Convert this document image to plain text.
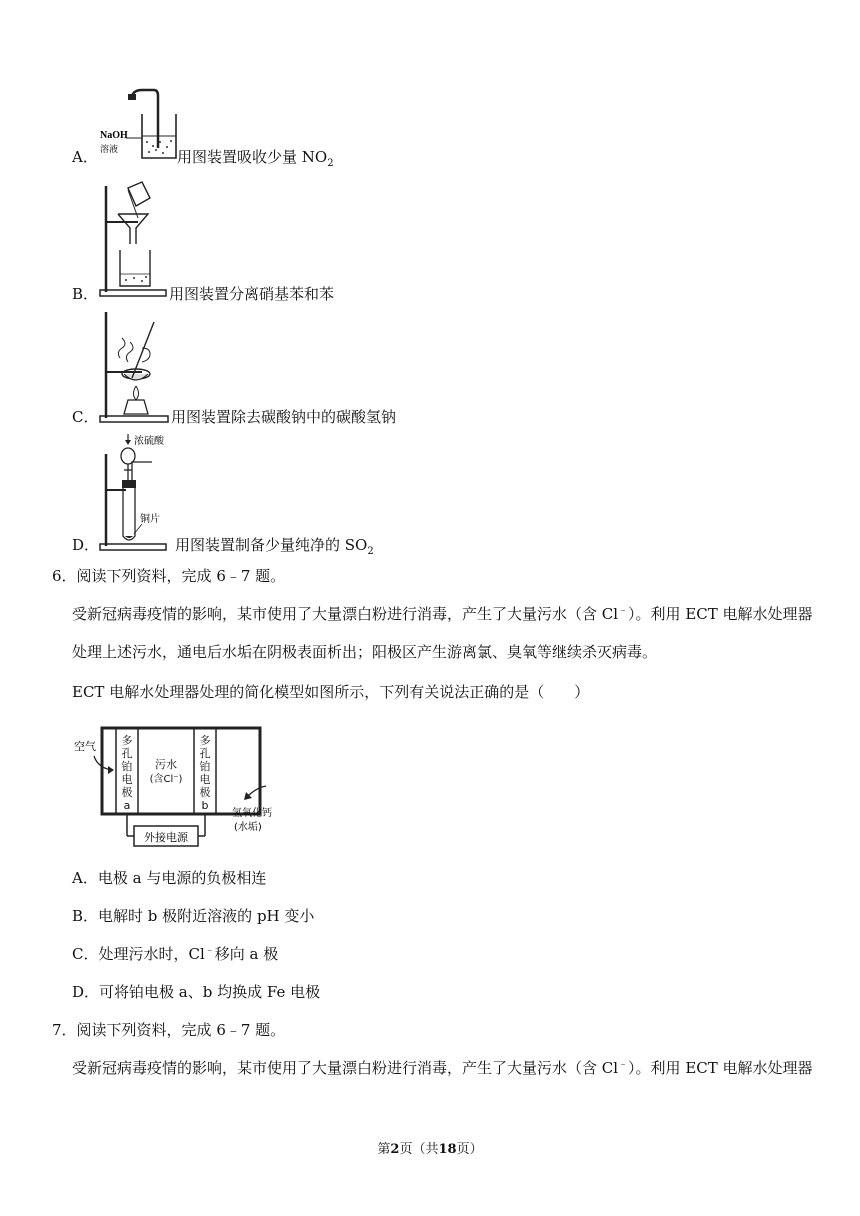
A．
NaOH
溶液	用图装置吸收少量 $NO_2$
B．	用图装置分离硝基苯和苯
C．	用图装置除去碳酸钠中的碳酸氢钠
D．
浓硫酸
铜片
用图装置制备少量纯净的 $SO_2$
6．阅读下列资料，完成 6﹣7 题。
受新冠病毒疫情的影响，某市使用了大量漂白粉进行消毒，产生了大量污水（含 Cl﹣）。利用 ECT 电解水处理器
处理上述污水，通电后水垢在阴极表面析出；阳极区产生游离氯、臭氧等继续杀灭病毒。
ECT 电解水处理器处理的简化模型如图所示，下列有关说法正确的是（　　）
多
孔
铂
电
极
a
多
孔
铂
电
极
b
污水
(含Cl⁻)
空气
氢氧化钙
(水垢)
外接电源
A．电极 a 与电源的负极相连
B．电解时 b 极附近溶液的 pH 变小
C．处理污水时，Cl﹣移向 a 极
D．可将铂电极 a、b 均换成 Fe 电极
7．阅读下列资料，完成 6﹣7 题。
受新冠病毒疫情的影响，某市使用了大量漂白粉进行消毒，产生了大量污水（含 Cl﹣）。利用 ECT 电解水处理器
第2页（共18页）
